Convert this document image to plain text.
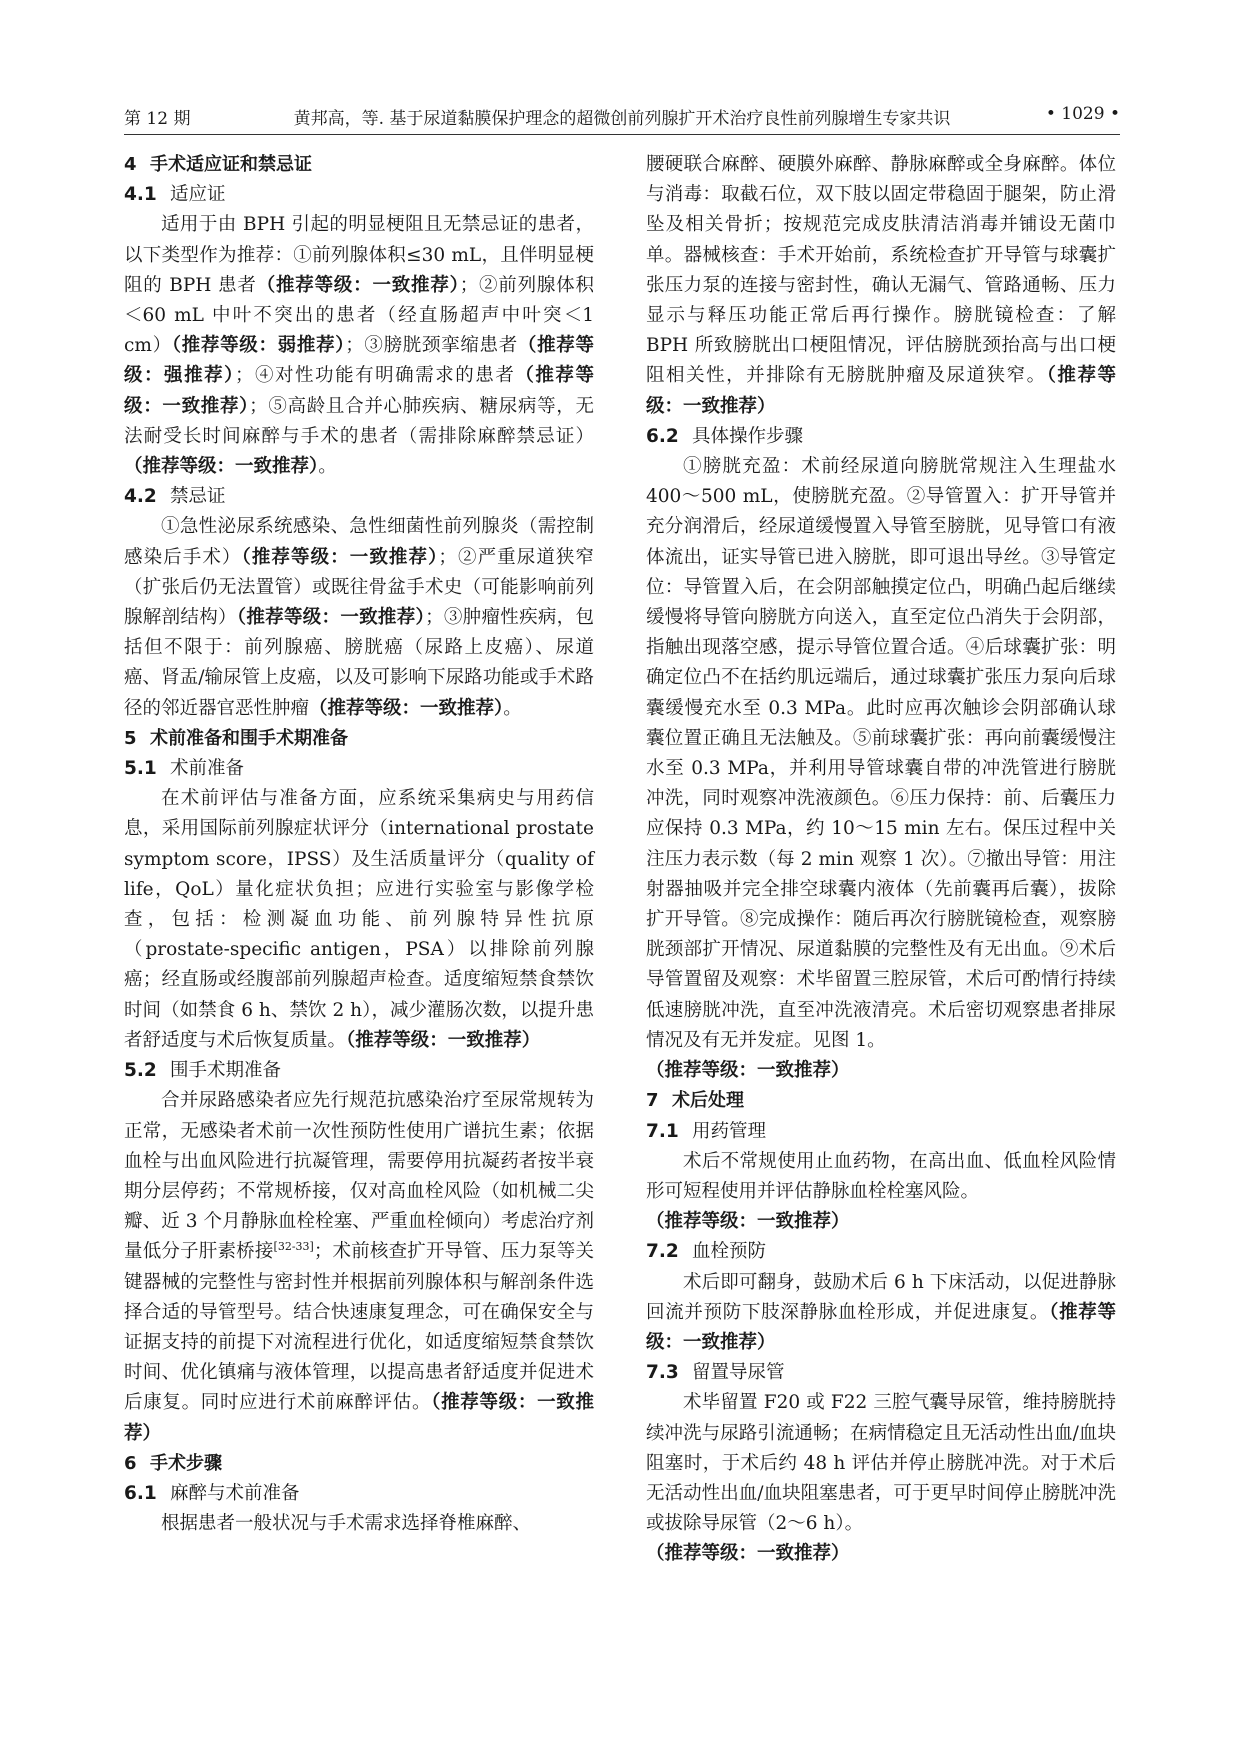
第 12 期	黄邦高，等. 基于尿道黏膜保护理念的超微创前列腺扩开术治疗良性前列腺增生专家共识	• 1029 •
4 手术适应证和禁忌证
4.1 适应证

适用于由 BPH 引起的明显梗阻且无禁忌证的患者，以下类型作为推荐：①前列腺体积≤30 mL，且伴明显梗阻的 BPH 患者（推荐等级：一致推荐）；②前列腺体积＜60 mL 中叶不突出的患者（经直肠超声中叶突＜1 cm）（推荐等级：弱推荐）；③膀胱颈挛缩患者（推荐等级：强推荐）；④对性功能有明确需求的患者（推荐等级：一致推荐）；⑤高龄且合并心肺疾病、糖尿病等，无法耐受长时间麻醉与手术的患者（需排除麻醉禁忌证）（推荐等级：一致推荐）。

4.2 禁忌证

①急性泌尿系统感染、急性细菌性前列腺炎（需控制感染后手术）（推荐等级：一致推荐）；②严重尿道狭窄（扩张后仍无法置管）或既往骨盆手术史（可能影响前列腺解剖结构）（推荐等级：一致推荐）；③肿瘤性疾病，包括但不限于：前列腺癌、膀胱癌（尿路上皮癌）、尿道癌、肾盂/输尿管上皮癌，以及可影响下尿路功能或手术路径的邻近器官恶性肿瘤（推荐等级：一致推荐）。

5 术前准备和围手术期准备
5.1 术前准备

在术前评估与准备方面，应系统采集病史与用药信息，采用国际前列腺症状评分（international prostate symptom score，IPSS）及生活质量评分（quality of life，QoL）量化症状负担；应进行实验室与影像学检查，包括：检测凝血功能、前列腺特异性抗原（prostate-specific antigen，PSA）以排除前列腺癌；经直肠或经腹部前列腺超声检查。适度缩短禁食禁饮时间（如禁食 6 h、禁饮 2 h），减少灌肠次数，以提升患者舒适度与术后恢复质量。（推荐等级：一致推荐）

5.2 围手术期准备

合并尿路感染者应先行规范抗感染治疗至尿常规转为正常，无感染者术前一次性预防性使用广谱抗生素；依据血栓与出血风险进行抗凝管理，需要停用抗凝药者按半衰期分层停药；不常规桥接，仅对高血栓风险（如机械二尖瓣、近 3 个月静脉血栓栓塞、严重血栓倾向）考虑治疗剂量低分子肝素桥接[32-33]；术前核查扩开导管、压力泵等关键器械的完整性与密封性并根据前列腺体积与解剖条件选择合适的导管型号。结合快速康复理念，可在确保安全与证据支持的前提下对流程进行优化，如适度缩短禁食禁饮时间、优化镇痛与液体管理，以提高患者舒适度并促进术后康复。同时应进行术前麻醉评估。（推荐等级：一致推荐）

6 手术步骤
6.1 麻醉与术前准备

根据患者一般状况与手术需求选择脊椎麻醉、

腰硬联合麻醉、硬膜外麻醉、静脉麻醉或全身麻醉。体位与消毒：取截石位，双下肢以固定带稳固于腿架，防止滑坠及相关骨折；按规范完成皮肤清洁消毒并铺设无菌巾单。器械核查：手术开始前，系统检查扩开导管与球囊扩张压力泵的连接与密封性，确认无漏气、管路通畅、压力显示与释压功能正常后再行操作。膀胱镜检查：了解 BPH 所致膀胱出口梗阻情况，评估膀胱颈抬高与出口梗阻相关性，并排除有无膀胱肿瘤及尿道狭窄。（推荐等级：一致推荐）

6.2 具体操作步骤

①膀胱充盈：术前经尿道向膀胱常规注入生理盐水 400～500 mL，使膀胱充盈。②导管置入：扩开导管并充分润滑后，经尿道缓慢置入导管至膀胱，见导管口有液体流出，证实导管已进入膀胱，即可退出导丝。③导管定位：导管置入后，在会阴部触摸定位凸，明确凸起后继续缓慢将导管向膀胱方向送入，直至定位凸消失于会阴部，指触出现落空感，提示导管位置合适。④后球囊扩张：明确定位凸不在括约肌远端后，通过球囊扩张压力泵向后球囊缓慢充水至 0.3 MPa。此时应再次触诊会阴部确认球囊位置正确且无法触及。⑤前球囊扩张：再向前囊缓慢注水至 0.3 MPa，并利用导管球囊自带的冲洗管进行膀胱冲洗，同时观察冲洗液颜色。⑥压力保持：前、后囊压力应保持 0.3 MPa，约 10～15 min 左右。保压过程中关注压力表示数（每 2 min 观察 1 次）。⑦撤出导管：用注射器抽吸并完全排空球囊内液体（先前囊再后囊），拔除扩开导管。⑧完成操作：随后再次行膀胱镜检查，观察膀胱颈部扩开情况、尿道黏膜的完整性及有无出血。⑨术后导管置留及观察：术毕留置三腔尿管，术后可酌情行持续低速膀胱冲洗，直至冲洗液清亮。术后密切观察患者排尿情况及有无并发症。见图 1。

（推荐等级：一致推荐）

7 术后处理
7.1 用药管理

术后不常规使用止血药物，在高出血、低血栓风险情形可短程使用并评估静脉血栓栓塞风险。

（推荐等级：一致推荐）

7.2 血栓预防

术后即可翻身，鼓励术后 6 h 下床活动，以促进静脉回流并预防下肢深静脉血栓形成，并促进康复。（推荐等级：一致推荐）

7.3 留置导尿管

术毕留置 F20 或 F22 三腔气囊导尿管，维持膀胱持续冲洗与尿路引流通畅；在病情稳定且无活动性出血/血块阻塞时，于术后约 48 h 评估并停止膀胱冲洗。对于术后无活动性出血/血块阻塞患者，可于更早时间停止膀胱冲洗或拔除导尿管（2～6 h）。

（推荐等级：一致推荐）
